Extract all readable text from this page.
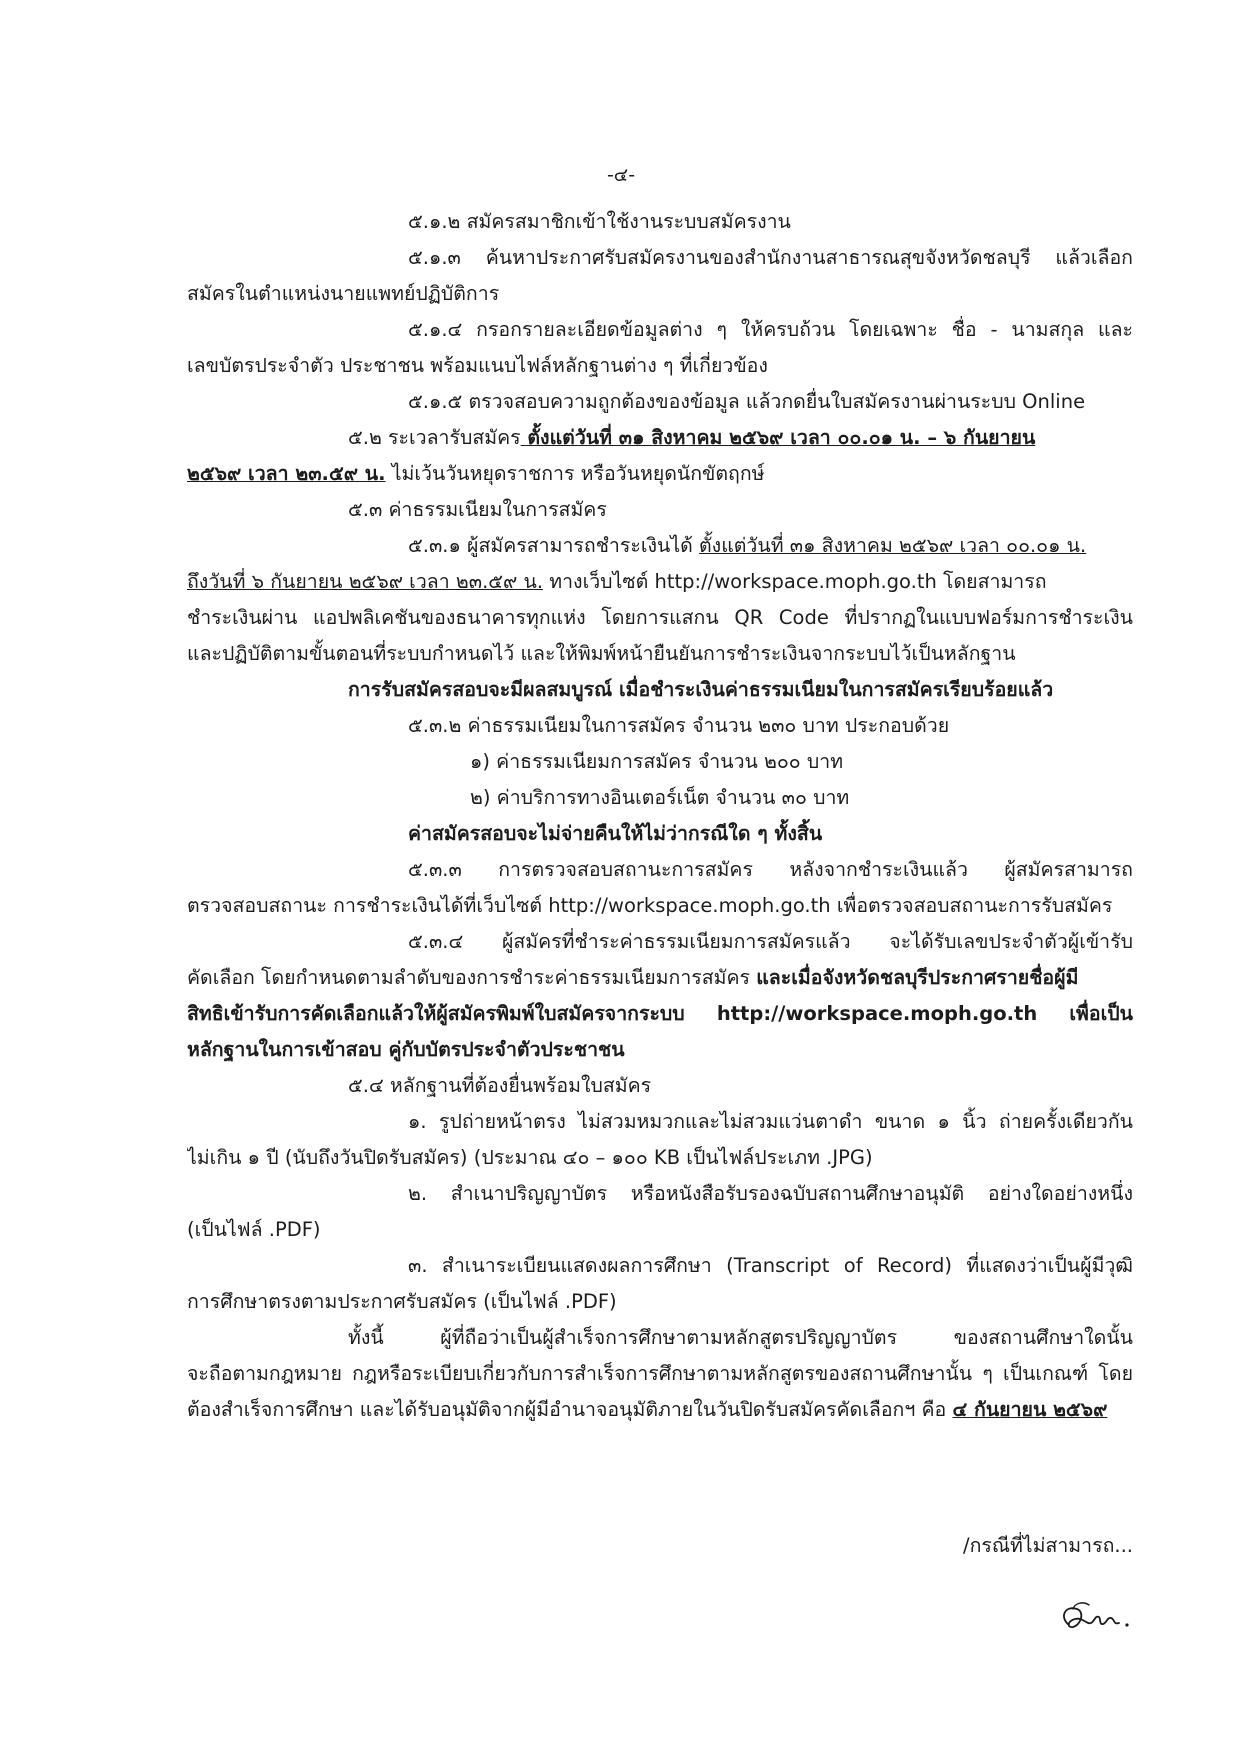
-๔-
๕.๑.๒ สมัครสมาชิกเข้าใช้งานระบบสมัครงาน
๕.๑.๓ ค้นหาประกาศรับสมัครงานของสำนักงานสาธารณสุขจังหวัดชลบุรี แล้วเลือก
สมัครในตำแหน่งนายแพทย์ปฏิบัติการ
๕.๑.๔ กรอกรายละเอียดข้อมูลต่าง ๆ ให้ครบถ้วน โดยเฉพาะ ชื่อ - นามสกุล และ
เลขบัตรประจำตัว ประชาชน พร้อมแนบไฟล์หลักฐานต่าง ๆ ที่เกี่ยวข้อง
๕.๑.๕ ตรวจสอบความถูกต้องของข้อมูล แล้วกดยื่นใบสมัครงานผ่านระบบ Online
๕.๒ ระเวลารับสมัคร ตั้งแต่วันที่ ๓๑ สิงหาคม ๒๕๖๙ เวลา ๐๐.๐๑ น. – ๖ กันยายน
๒๕๖๙ เวลา ๒๓.๕๙ น. ไม่เว้นวันหยุดราชการ หรือวันหยุดนักขัตฤกษ์
๕.๓ ค่าธรรมเนียมในการสมัคร
๕.๓.๑ ผู้สมัครสามารถชำระเงินได้ ตั้งแต่วันที่ ๓๑ สิงหาคม ๒๕๖๙ เวลา ๐๐.๐๑ น.
ถึงวันที่ ๖ กันยายน ๒๕๖๙ เวลา ๒๓.๕๙ น. ทางเว็บไซต์ http://workspace.moph.go.th โดยสามารถ
ชำระเงินผ่าน แอปพลิเคชันของธนาคารทุกแห่ง โดยการแสกน QR Code ที่ปรากฏในแบบฟอร์มการชำระเงิน
และปฏิบัติตามขั้นตอนที่ระบบกำหนดไว้ และให้พิมพ์หน้ายืนยันการชำระเงินจากระบบไว้เป็นหลักฐาน
การรับสมัครสอบจะมีผลสมบูรณ์ เมื่อชำระเงินค่าธรรมเนียมในการสมัครเรียบร้อยแล้ว
๕.๓.๒ ค่าธรรมเนียมในการสมัคร จำนวน ๒๓๐ บาท ประกอบด้วย
๑) ค่าธรรมเนียมการสมัคร จำนวน ๒๐๐ บาท
๒) ค่าบริการทางอินเตอร์เน็ต จำนวน ๓๐ บาท
ค่าสมัครสอบจะไม่จ่ายคืนให้ไม่ว่ากรณีใด ๆ ทั้งสิ้น
๕.๓.๓ การตรวจสอบสถานะการสมัคร หลังจากชำระเงินแล้ว ผู้สมัครสามารถ
ตรวจสอบสถานะ การชำระเงินได้ที่เว็บไซต์ http://workspace.moph.go.th เพื่อตรวจสอบสถานะการรับสมัคร
๕.๓.๔ ผู้สมัครที่ชำระค่าธรรมเนียมการสมัครแล้ว จะได้รับเลขประจำตัวผู้เข้ารับ
คัดเลือก โดยกำหนดตามลำดับของการชำระค่าธรรมเนียมการสมัคร และเมื่อจังหวัดชลบุรีประกาศรายชื่อผู้มี
สิทธิเข้ารับการคัดเลือกแล้วให้ผู้สมัครพิมพ์ใบสมัครจากระบบ http://workspace.moph.go.th เพื่อเป็น
หลักฐานในการเข้าสอบ คู่กับบัตรประจำตัวประชาชน
๕.๔ หลักฐานที่ต้องยื่นพร้อมใบสมัคร
๑. รูปถ่ายหน้าตรง ไม่สวมหมวกและไม่สวมแว่นตาดำ ขนาด ๑ นิ้ว ถ่ายครั้งเดียวกัน
ไม่เกิน ๑ ปี (นับถึงวันปิดรับสมัคร) (ประมาณ ๔๐ – ๑๐๐ KB เป็นไฟล์ประเภท .JPG)
๒. สำเนาปริญญาบัตร หรือหนังสือรับรองฉบับสถานศึกษาอนุมัติ อย่างใดอย่างหนึ่ง
(เป็นไฟล์ .PDF)
๓. สำเนาระเบียนแสดงผลการศึกษา (Transcript of Record) ที่แสดงว่าเป็นผู้มีวุฒิ
การศึกษาตรงตามประกาศรับสมัคร (เป็นไฟล์ .PDF)
ทั้งนี้ ผู้ที่ถือว่าเป็นผู้สำเร็จการศึกษาตามหลักสูตรปริญญาบัตร ของสถานศึกษาใดนั้น
จะถือตามกฎหมาย กฎหรือระเบียบเกี่ยวกับการสำเร็จการศึกษาตามหลักสูตรของสถานศึกษานั้น ๆ เป็นเกณฑ์ โดย
ต้องสำเร็จการศึกษา และได้รับอนุมัติจากผู้มีอำนาจอนุมัติภายในวันปิดรับสมัครคัดเลือกฯ คือ ๔ กันยายน ๒๕๖๙
/กรณีที่ไม่สามารถ...
